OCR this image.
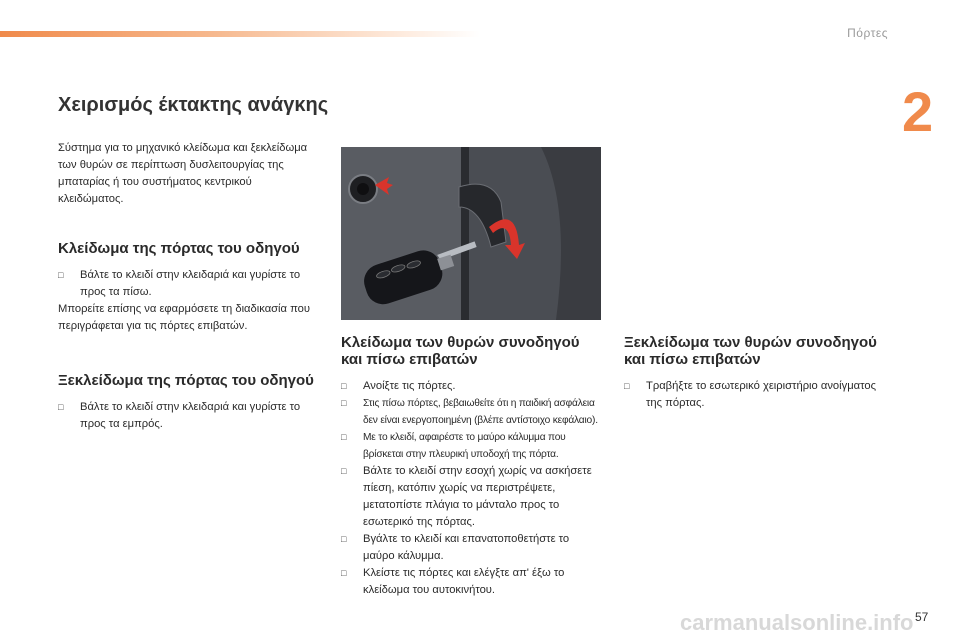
Πόρτες
2
Χειρισμός έκτακτης ανάγκης

Σύστημα για το μηχανικό κλείδωμα και ξεκλείδωμα των θυρών σε περίπτωση δυσλειτουργίας της μπαταρίας ή του συστήματος κεντρικού κλειδώματος.

Κλείδωμα της πόρτας του οδηγού
□	Βάλτε το κλειδί στην κλειδαριά και γυρίστε το προς τα πίσω.

Μπορείτε επίσης να εφαρμόσετε τη διαδικασία που περιγράφεται για τις πόρτες επιβατών.

Ξεκλείδωμα της πόρτας του οδηγού
□	Βάλτε το κλειδί στην κλειδαριά και γυρίστε το προς τα εμπρός.
Κλείδωμα των θυρών συνοδηγού και πίσω επιβατών
□	Ανοίξτε τις πόρτες.
□	Στις πίσω πόρτες, βεβαιωθείτε ότι η παιδική ασφάλεια δεν είναι ενεργοποιημένη (βλέπε αντίστοιχο κεφάλαιο).
□	Με το κλειδί, αφαιρέστε το μαύρο κάλυμμα που βρίσκεται στην πλευρική υποδοχή της πόρτα.
□	Βάλτε το κλειδί στην εσοχή χωρίς να ασκήσετε πίεση, κατόπιν χωρίς να περιστρέψετε, μετατοπίστε πλάγια το μάνταλο προς το εσωτερικό της πόρτας.
□	Βγάλτε το κλειδί και επανατοποθετήστε το μαύρο κάλυμμα.
□	Κλείστε τις πόρτες και ελέγξτε απ' έξω το κλείδωμα του αυτοκινήτου.
Ξεκλείδωμα των θυρών συνοδηγού και πίσω επιβατών
□	Τραβήξτε το εσωτερικό χειριστήριο ανοίγματος της πόρτας.
carmanualsonline.info 57
